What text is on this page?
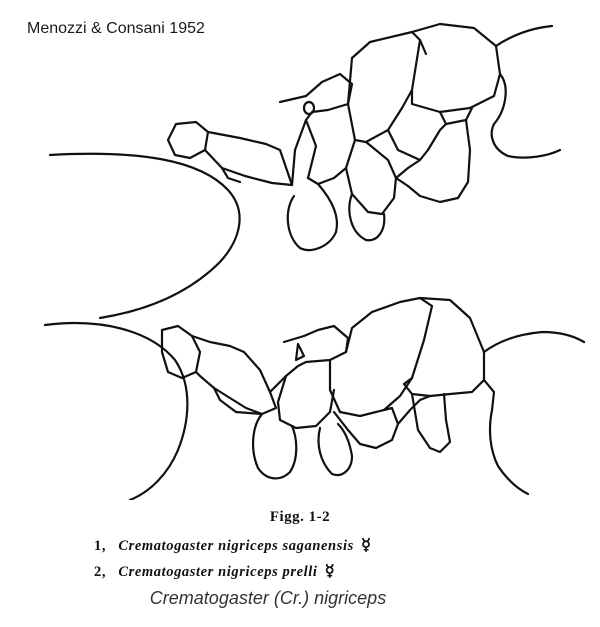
Menozzi & Consani 1952
Figg. 1-2
1, Crematogaster nigriceps saganensis ☿
2, Crematogaster nigriceps prelli ☿
Crematogaster (Cr.) nigriceps
